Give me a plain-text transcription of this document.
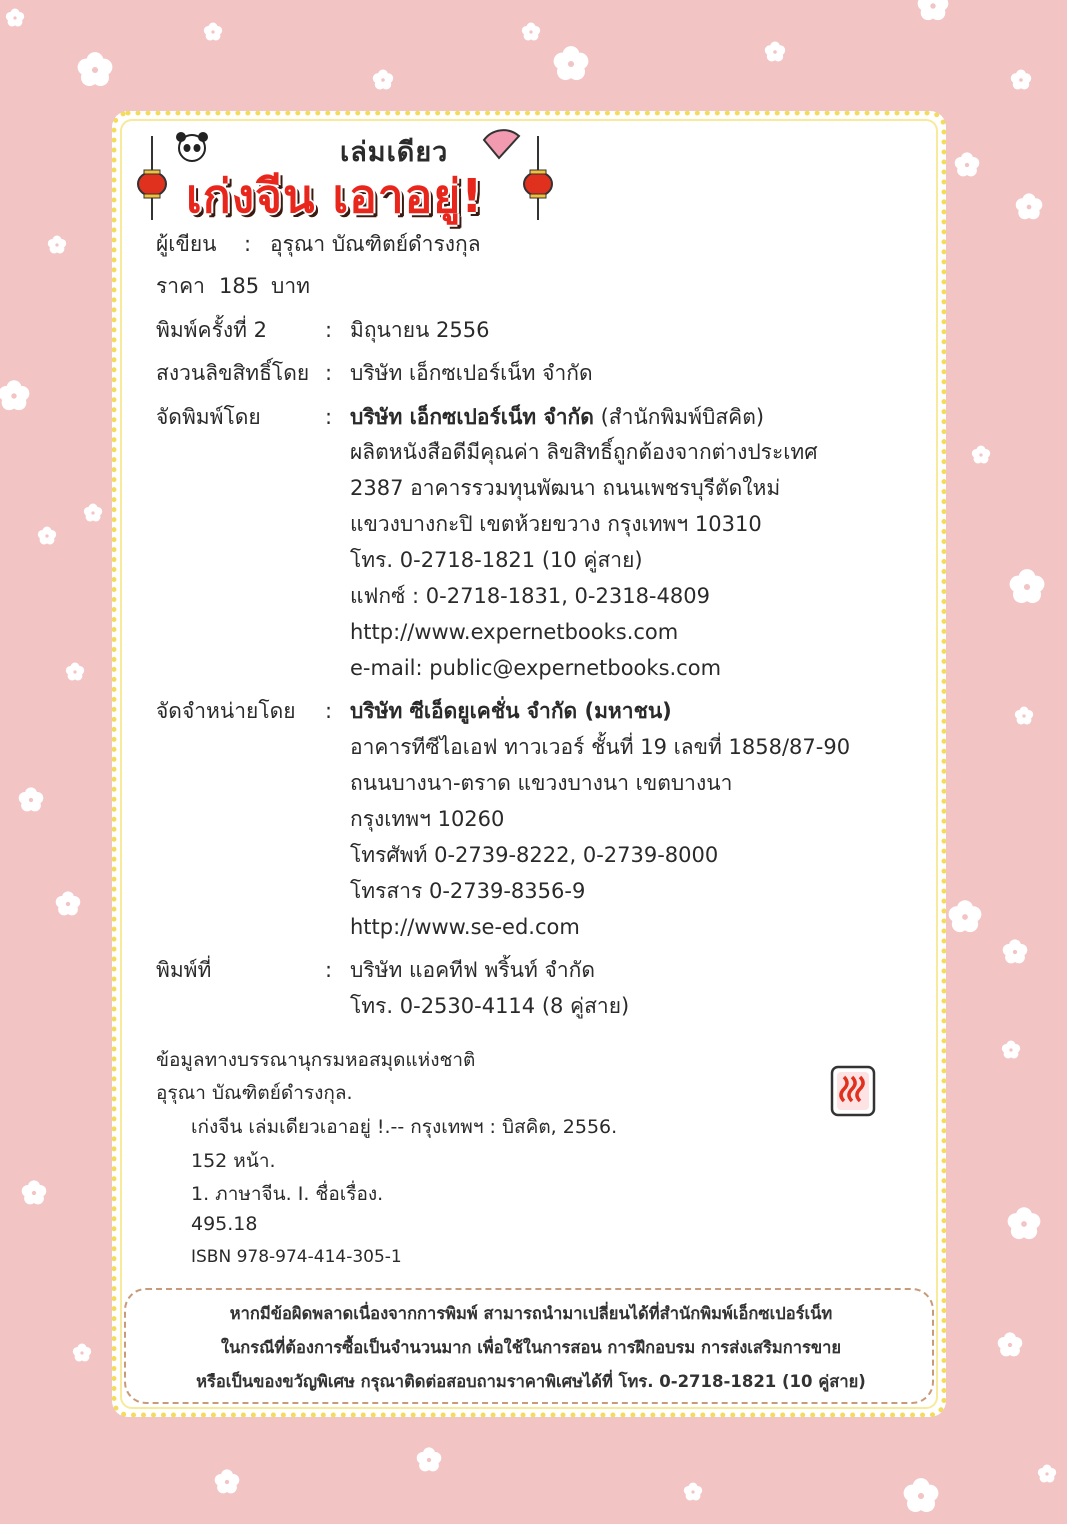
เล่มเดียว
เก่งจีน เอาอยู่!
ผู้เขียน : อุรุณา บัณฑิตย์ดำรงกุล
ราคา 185 บาท
พิมพ์ครั้งที่ 2	: มิถุนายน 2556
สงวนลิขสิทธิ์โดย : บริษัท เอ็กซเปอร์เน็ท จำกัด
จัดพิมพ์โดย	: บริษัท เอ็กซเปอร์เน็ท จำกัด (สำนักพิมพ์บิสคิต)
ผลิตหนังสือดีมีคุณค่า ลิขสิทธิ์ถูกต้องจากต่างประเทศ
2387 อาคารรวมทุนพัฒนา ถนนเพชรบุรีตัดใหม่
แขวงบางกะปิ เขตห้วยขวาง กรุงเทพฯ 10310
โทร. 0-2718-1821 (10 คู่สาย)
แฟกซ์ : 0-2718-1831, 0-2318-4809
http://www.expernetbooks.com
e-mail: public@expernetbooks.com
จัดจำหน่ายโดย : บริษัท ซีเอ็ดยูเคชั่น จำกัด (มหาชน)
อาคารทีซีไอเอฟ ทาวเวอร์ ชั้นที่ 19 เลขที่ 1858/87-90
ถนนบางนา-ตราด แขวงบางนา เขตบางนา
กรุงเทพฯ 10260
โทรศัพท์ 0-2739-8222, 0-2739-8000
โทรสาร 0-2739-8356-9
http://www.se-ed.com
พิมพ์ที่	: บริษัท แอคทีฟ พริ้นท์ จำกัด
โทร. 0-2530-4114 (8 คู่สาย)
ข้อมูลทางบรรณานุกรมหอสมุดแห่งชาติ
อุรุณา บัณฑิตย์ดำรงกุล.
เก่งจีน เล่มเดียวเอาอยู่ !.-- กรุงเทพฯ : บิสคิต, 2556.
152 หน้า.
1. ภาษาจีน. I. ชื่อเรื่อง.
495.18
ISBN 978-974-414-305-1
หากมีข้อผิดพลาดเนื่องจากการพิมพ์ สามารถนำมาเปลี่ยนได้ที่สำนักพิมพ์เอ็กซเปอร์เน็ท
ในกรณีที่ต้องการซื้อเป็นจำนวนมาก เพื่อใช้ในการสอน การฝึกอบรม การส่งเสริมการขาย
หรือเป็นของขวัญพิเศษ กรุณาติดต่อสอบถามราคาพิเศษได้ที่ โทร. 0-2718-1821 (10 คู่สาย)
